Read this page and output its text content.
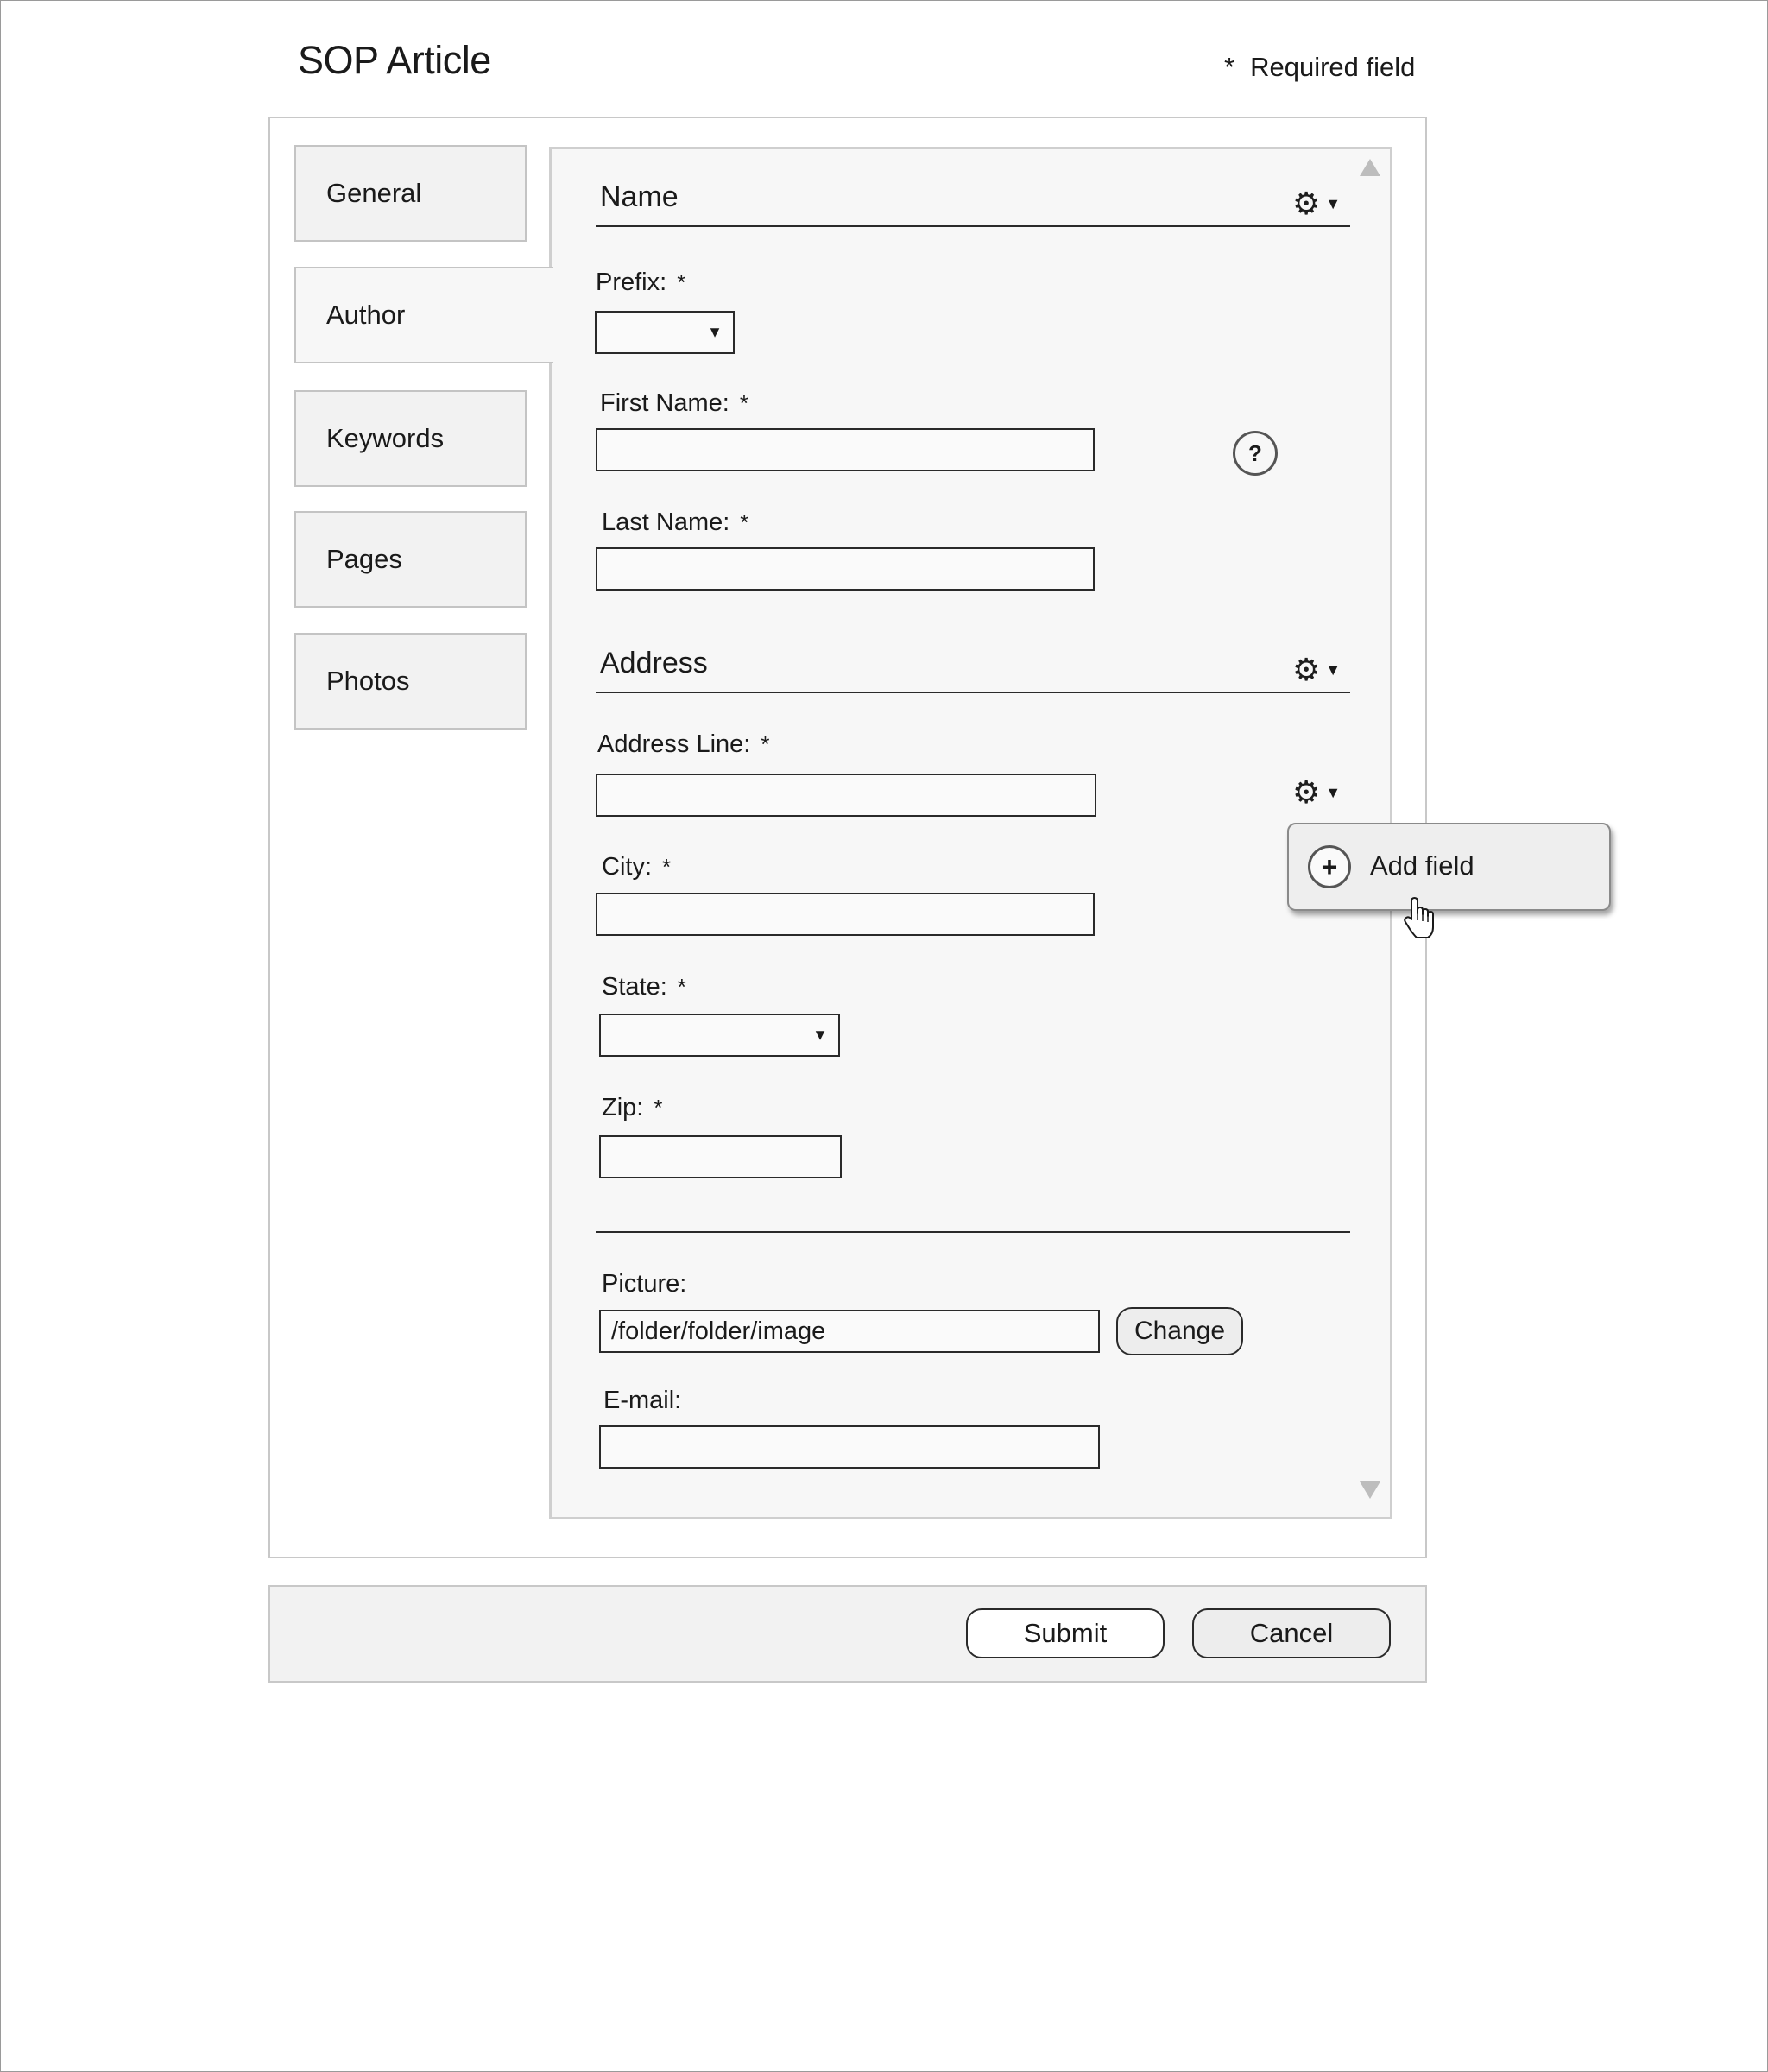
SOP Article	* Required field
General
Author
Keywords
Pages
Photos
Name	⚙ ▼
Prefix: *
▼
First Name: *
?
Last Name: *
Address	⚙ ▼
Address Line: *
⚙ ▼
City: *
State: *
▼
Zip: *
Picture:
/folder/folder/image	Change
E-mail:
+	Add field
Submit	Cancel
